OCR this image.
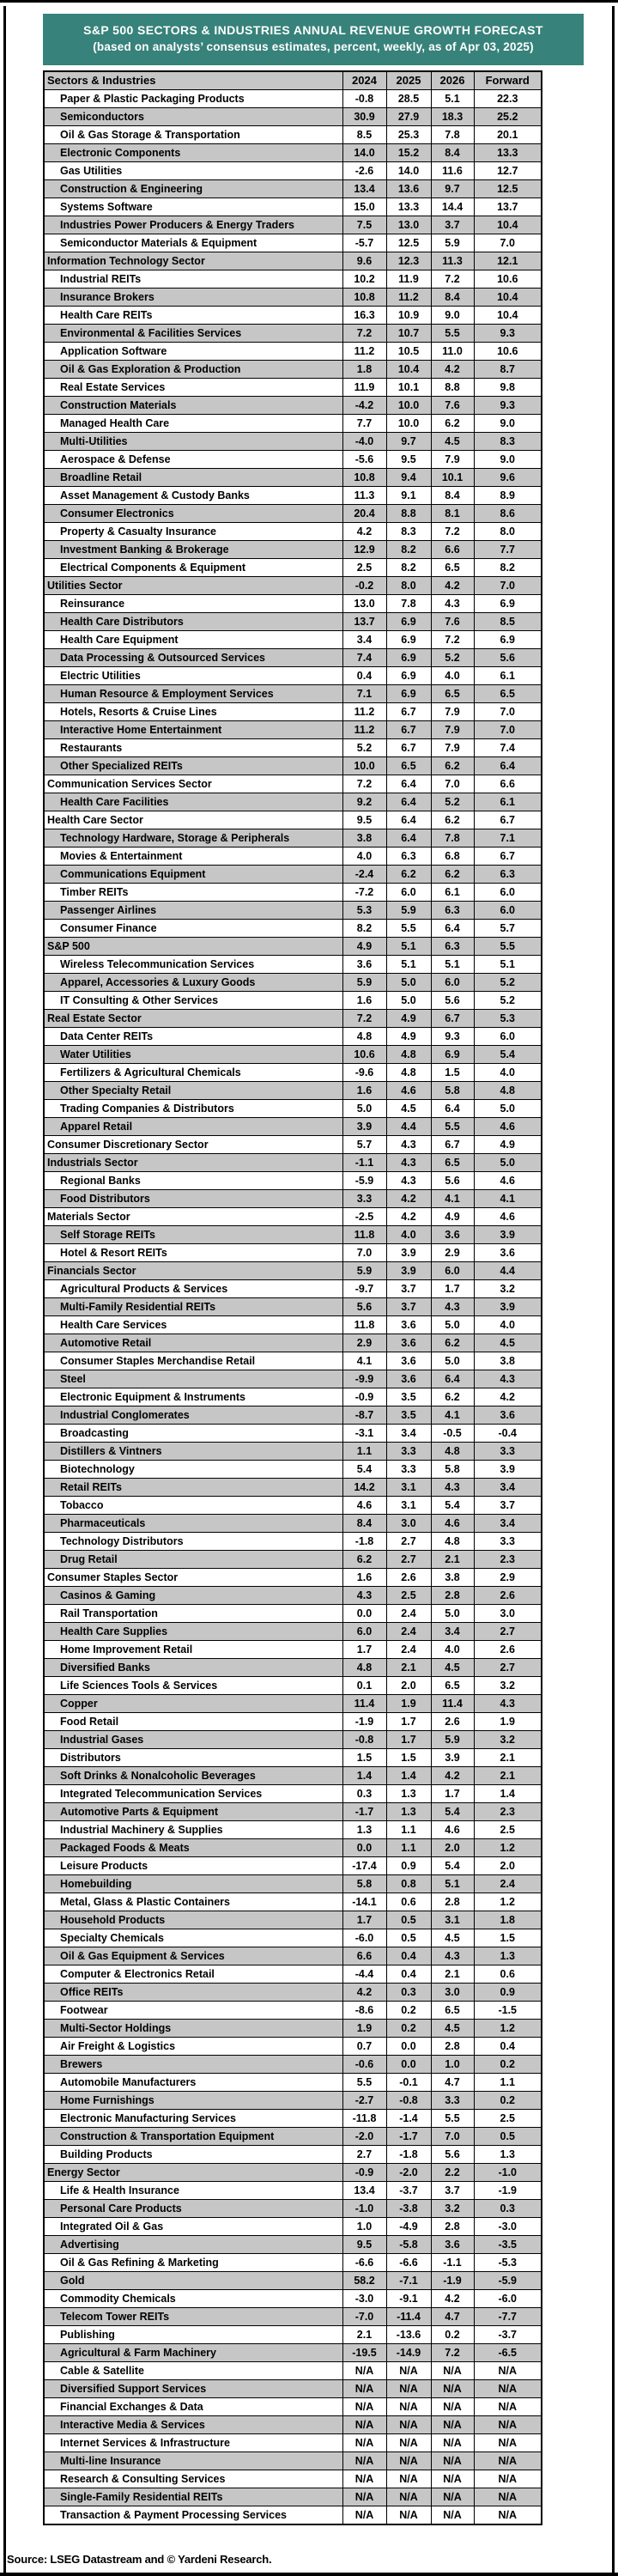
S&P 500 SECTORS & INDUSTRIES ANNUAL REVENUE GROWTH FORECAST
(based on analysts’ consensus estimates, percent, weekly, as of Apr 03, 2025)
Sectors & Industries	2024	2025	2026	Forward
Paper & Plastic Packaging Products	-0.8	28.5	5.1	22.3
Semiconductors	30.9	27.9	18.3	25.2
Oil & Gas Storage & Transportation	8.5	25.3	7.8	20.1
Electronic Components	14.0	15.2	8.4	13.3
Gas Utilities	-2.6	14.0	11.6	12.7
Construction & Engineering	13.4	13.6	9.7	12.5
Systems Software	15.0	13.3	14.4	13.7
Industries Power Producers & Energy Traders	7.5	13.0	3.7	10.4
Semiconductor Materials & Equipment	-5.7	12.5	5.9	7.0
Information Technology Sector	9.6	12.3	11.3	12.1
Industrial REITs	10.2	11.9	7.2	10.6
Insurance Brokers	10.8	11.2	8.4	10.4
Health Care REITs	16.3	10.9	9.0	10.4
Environmental & Facilities Services	7.2	10.7	5.5	9.3
Application Software	11.2	10.5	11.0	10.6
Oil & Gas Exploration & Production	1.8	10.4	4.2	8.7
Real Estate Services	11.9	10.1	8.8	9.8
Construction Materials	-4.2	10.0	7.6	9.3
Managed Health Care	7.7	10.0	6.2	9.0
Multi-Utilities	-4.0	9.7	4.5	8.3
Aerospace & Defense	-5.6	9.5	7.9	9.0
Broadline Retail	10.8	9.4	10.1	9.6
Asset Management & Custody Banks	11.3	9.1	8.4	8.9
Consumer Electronics	20.4	8.8	8.1	8.6
Property & Casualty Insurance	4.2	8.3	7.2	8.0
Investment Banking & Brokerage	12.9	8.2	6.6	7.7
Electrical Components & Equipment	2.5	8.2	6.5	8.2
Utilities Sector	-0.2	8.0	4.2	7.0
Reinsurance	13.0	7.8	4.3	6.9
Health Care Distributors	13.7	6.9	7.6	8.5
Health Care Equipment	3.4	6.9	7.2	6.9
Data Processing & Outsourced Services	7.4	6.9	5.2	5.6
Electric Utilities	0.4	6.9	4.0	6.1
Human Resource & Employment Services	7.1	6.9	6.5	6.5
Hotels, Resorts & Cruise Lines	11.2	6.7	7.9	7.0
Interactive Home Entertainment	11.2	6.7	7.9	7.0
Restaurants	5.2	6.7	7.9	7.4
Other Specialized REITs	10.0	6.5	6.2	6.4
Communication Services Sector	7.2	6.4	7.0	6.6
Health Care Facilities	9.2	6.4	5.2	6.1
Health Care Sector	9.5	6.4	6.2	6.7
Technology Hardware, Storage & Peripherals	3.8	6.4	7.8	7.1
Movies & Entertainment	4.0	6.3	6.8	6.7
Communications Equipment	-2.4	6.2	6.2	6.3
Timber REITs	-7.2	6.0	6.1	6.0
Passenger Airlines	5.3	5.9	6.3	6.0
Consumer Finance	8.2	5.5	6.4	5.7
S&P 500	4.9	5.1	6.3	5.5
Wireless Telecommunication Services	3.6	5.1	5.1	5.1
Apparel, Accessories & Luxury Goods	5.9	5.0	6.0	5.2
IT Consulting & Other Services	1.6	5.0	5.6	5.2
Real Estate Sector	7.2	4.9	6.7	5.3
Data Center REITs	4.8	4.9	9.3	6.0
Water Utilities	10.6	4.8	6.9	5.4
Fertilizers & Agricultural Chemicals	-9.6	4.8	1.5	4.0
Other Specialty Retail	1.6	4.6	5.8	4.8
Trading Companies & Distributors	5.0	4.5	6.4	5.0
Apparel Retail	3.9	4.4	5.5	4.6
Consumer Discretionary Sector	5.7	4.3	6.7	4.9
Industrials Sector	-1.1	4.3	6.5	5.0
Regional Banks	-5.9	4.3	5.6	4.6
Food Distributors	3.3	4.2	4.1	4.1
Materials Sector	-2.5	4.2	4.9	4.6
Self Storage REITs	11.8	4.0	3.6	3.9
Hotel & Resort REITs	7.0	3.9	2.9	3.6
Financials Sector	5.9	3.9	6.0	4.4
Agricultural Products & Services	-9.7	3.7	1.7	3.2
Multi-Family Residential REITs	5.6	3.7	4.3	3.9
Health Care Services	11.8	3.6	5.0	4.0
Automotive Retail	2.9	3.6	6.2	4.5
Consumer Staples Merchandise Retail	4.1	3.6	5.0	3.8
Steel	-9.9	3.6	6.4	4.3
Electronic Equipment & Instruments	-0.9	3.5	6.2	4.2
Industrial Conglomerates	-8.7	3.5	4.1	3.6
Broadcasting	-3.1	3.4	-0.5	-0.4
Distillers & Vintners	1.1	3.3	4.8	3.3
Biotechnology	5.4	3.3	5.8	3.9
Retail REITs	14.2	3.1	4.3	3.4
Tobacco	4.6	3.1	5.4	3.7
Pharmaceuticals	8.4	3.0	4.6	3.4
Technology Distributors	-1.8	2.7	4.8	3.3
Drug Retail	6.2	2.7	2.1	2.3
Consumer Staples Sector	1.6	2.6	3.8	2.9
Casinos & Gaming	4.3	2.5	2.8	2.6
Rail Transportation	0.0	2.4	5.0	3.0
Health Care Supplies	6.0	2.4	3.4	2.7
Home Improvement Retail	1.7	2.4	4.0	2.6
Diversified Banks	4.8	2.1	4.5	2.7
Life Sciences Tools & Services	0.1	2.0	6.5	3.2
Copper	11.4	1.9	11.4	4.3
Food Retail	-1.9	1.7	2.6	1.9
Industrial Gases	-0.8	1.7	5.9	3.2
Distributors	1.5	1.5	3.9	2.1
Soft Drinks & Nonalcoholic Beverages	1.4	1.4	4.2	2.1
Integrated Telecommunication Services	0.3	1.3	1.7	1.4
Automotive Parts & Equipment	-1.7	1.3	5.4	2.3
Industrial Machinery & Supplies	1.3	1.1	4.6	2.5
Packaged Foods & Meats	0.0	1.1	2.0	1.2
Leisure Products	-17.4	0.9	5.4	2.0
Homebuilding	5.8	0.8	5.1	2.4
Metal, Glass & Plastic Containers	-14.1	0.6	2.8	1.2
Household Products	1.7	0.5	3.1	1.8
Specialty Chemicals	-6.0	0.5	4.5	1.5
Oil & Gas Equipment & Services	6.6	0.4	4.3	1.3
Computer & Electronics Retail	-4.4	0.4	2.1	0.6
Office REITs	4.2	0.3	3.0	0.9
Footwear	-8.6	0.2	6.5	-1.5
Multi-Sector Holdings	1.9	0.2	4.5	1.2
Air Freight & Logistics	0.7	0.0	2.8	0.4
Brewers	-0.6	0.0	1.0	0.2
Automobile Manufacturers	5.5	-0.1	4.7	1.1
Home Furnishings	-2.7	-0.8	3.3	0.2
Electronic Manufacturing Services	-11.8	-1.4	5.5	2.5
Construction & Transportation Equipment	-2.0	-1.7	7.0	0.5
Building Products	2.7	-1.8	5.6	1.3
Energy Sector	-0.9	-2.0	2.2	-1.0
Life & Health Insurance	13.4	-3.7	3.7	-1.9
Personal Care Products	-1.0	-3.8	3.2	0.3
Integrated Oil & Gas	1.0	-4.9	2.8	-3.0
Advertising	9.5	-5.8	3.6	-3.5
Oil & Gas Refining & Marketing	-6.6	-6.6	-1.1	-5.3
Gold	58.2	-7.1	-1.9	-5.9
Commodity Chemicals	-3.0	-9.1	4.2	-6.0
Telecom Tower REITs	-7.0	-11.4	4.7	-7.7
Publishing	2.1	-13.6	0.2	-3.7
Agricultural & Farm Machinery	-19.5	-14.9	7.2	-6.5
Cable & Satellite	N/A	N/A	N/A	N/A
Diversified Support Services	N/A	N/A	N/A	N/A
Financial Exchanges & Data	N/A	N/A	N/A	N/A
Interactive Media & Services	N/A	N/A	N/A	N/A
Internet Services & Infrastructure	N/A	N/A	N/A	N/A
Multi-line Insurance	N/A	N/A	N/A	N/A
Research & Consulting Services	N/A	N/A	N/A	N/A
Single-Family Residential REITs	N/A	N/A	N/A	N/A
Transaction & Payment Processing Services	N/A	N/A	N/A	N/A
Source: LSEG Datastream and © Yardeni Research.
